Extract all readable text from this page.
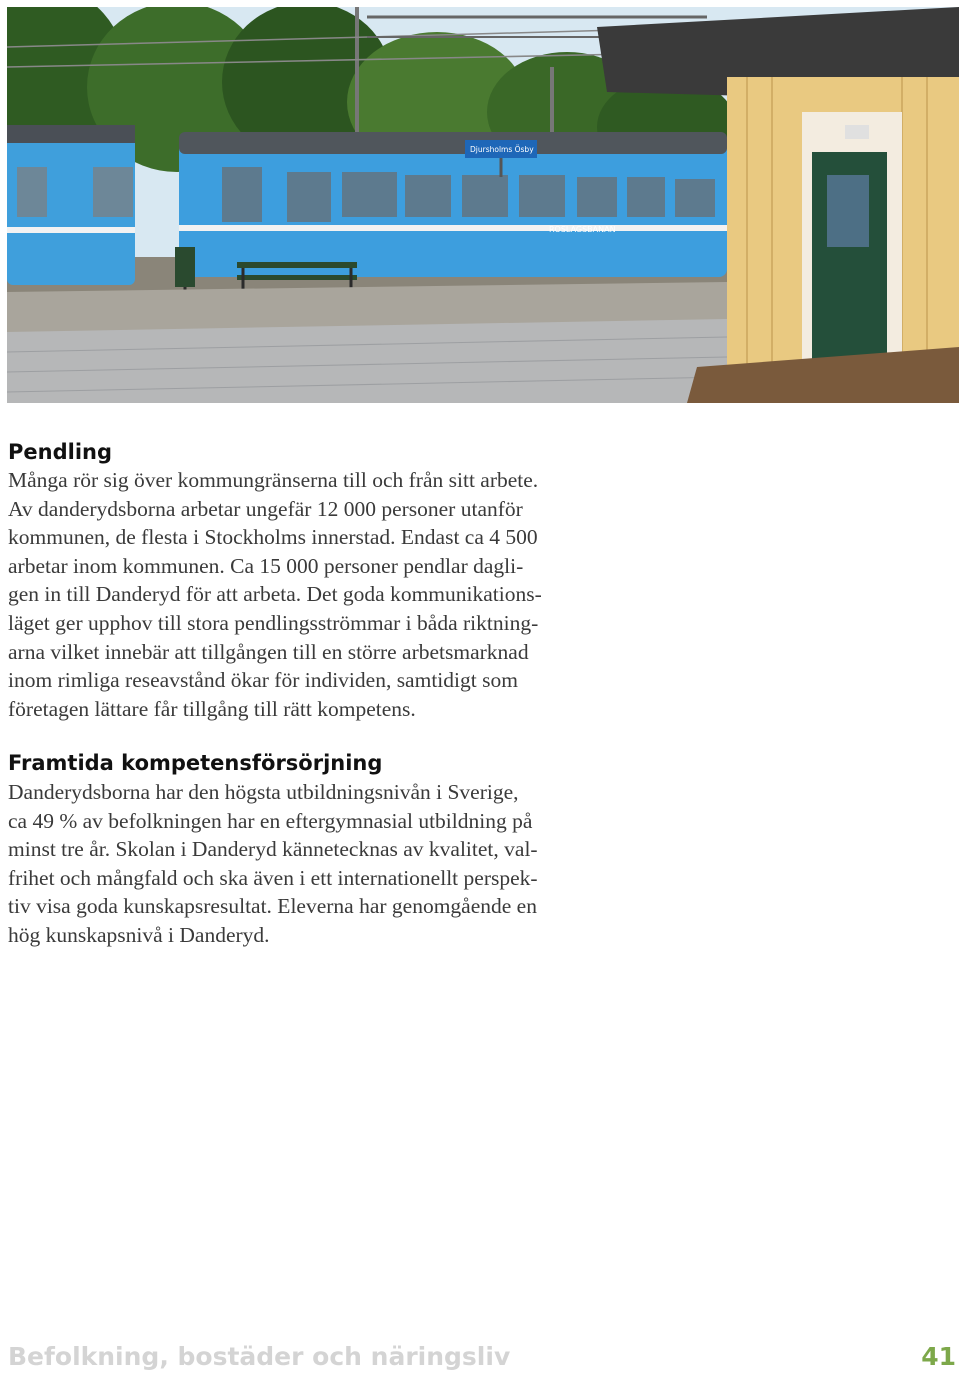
ROSLAGSBANAN
Djursholms Ösby
Pendling
Många rör sig över kommungränserna till och från sitt arbete.
Av danderydsborna arbetar ungefär 12 000 personer utanför
kommunen, de flesta i Stockholms innerstad. Endast ca 4 500
arbetar inom kommunen. Ca 15 000 personer pendlar dagli-
gen in till Danderyd för att arbeta. Det goda kommunikations-
läget ger upphov till stora pendlingsströmmar i båda riktning-
arna vilket innebär att tillgången till en större arbetsmarknad
inom rimliga reseavstånd ökar för individen, samtidigt som
företagen lättare får tillgång till rätt kompetens.
Framtida kompetensförsörjning
Danderydsborna har den högsta utbildningsnivån i Sverige,
ca 49 % av befolkningen har en eftergymnasial utbildning på
minst tre år. Skolan i Danderyd kännetecknas av kvalitet, val-
frihet och mångfald och ska även i ett internationellt perspek-
tiv visa goda kunskapsresultat. Eleverna har genomgående en
hög kunskapsnivå i Danderyd.
Befolkning, bostäder och näringsliv	41
